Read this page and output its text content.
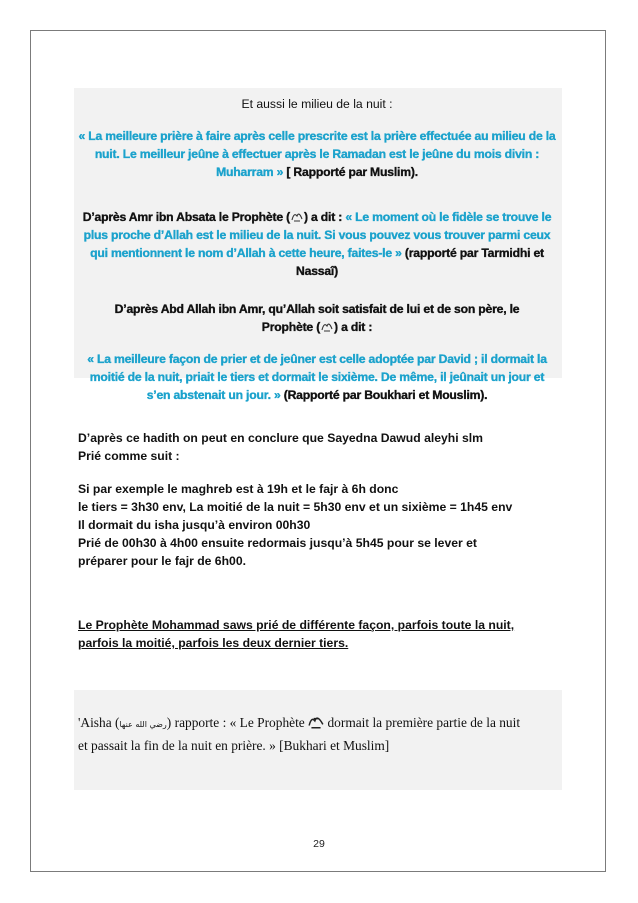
Et aussi le milieu de la nuit :
« La meilleure prière à faire après celle prescrite est la prière effectuée au milieu de la nuit. Le meilleur jeûne à effectuer après le Ramadan est le jeûne du mois divin : Muharram » [ Rapporté par Muslim).
D’après Amr ibn Absata le Prophète ( ) a dit : « Le moment où le fidèle se trouve le plus proche d’Allah est le milieu de la nuit. Si vous pouvez vous trouver parmi ceux qui mentionnent le nom d’Allah à cette heure, faites-le » (rapporté par Tarmidhi et Nassaî)
D’après Abd Allah ibn Amr, qu’Allah soit satisfait de lui et de son père, le
Prophète ( ) a dit :
« La meilleure façon de prier et de jeûner est celle adoptée par David ; il dormait la moitié de la nuit, priait le tiers et dormait le sixième. De même, il jeûnait un jour et s’en abstenait un jour. » (Rapporté par Boukhari et Mouslim).
D’après ce hadith on peut en conclure que Sayedna Dawud aleyhi slm
Prié comme suit :
Si par exemple le maghreb est à 19h et le fajr à 6h donc
le tiers = 3h30 env, La moitié de la nuit = 5h30 env et un sixième = 1h45 env
Il dormait du isha jusqu’à environ 00h30
Prié de 00h30 à 4h00 ensuite redormais jusqu’à 5h45 pour se lever et
préparer pour le fajr de 6h00.
Le Prophète Mohammad saws prié de différente façon, parfois toute la nuit,
parfois la moitié, parfois les deux dernier tiers.
'Aisha (رضي الله عنها) rapporte : « Le Prophète dormait la première partie de la nuit
et passait la fin de la nuit en prière. » [Bukhari et Muslim]
29
